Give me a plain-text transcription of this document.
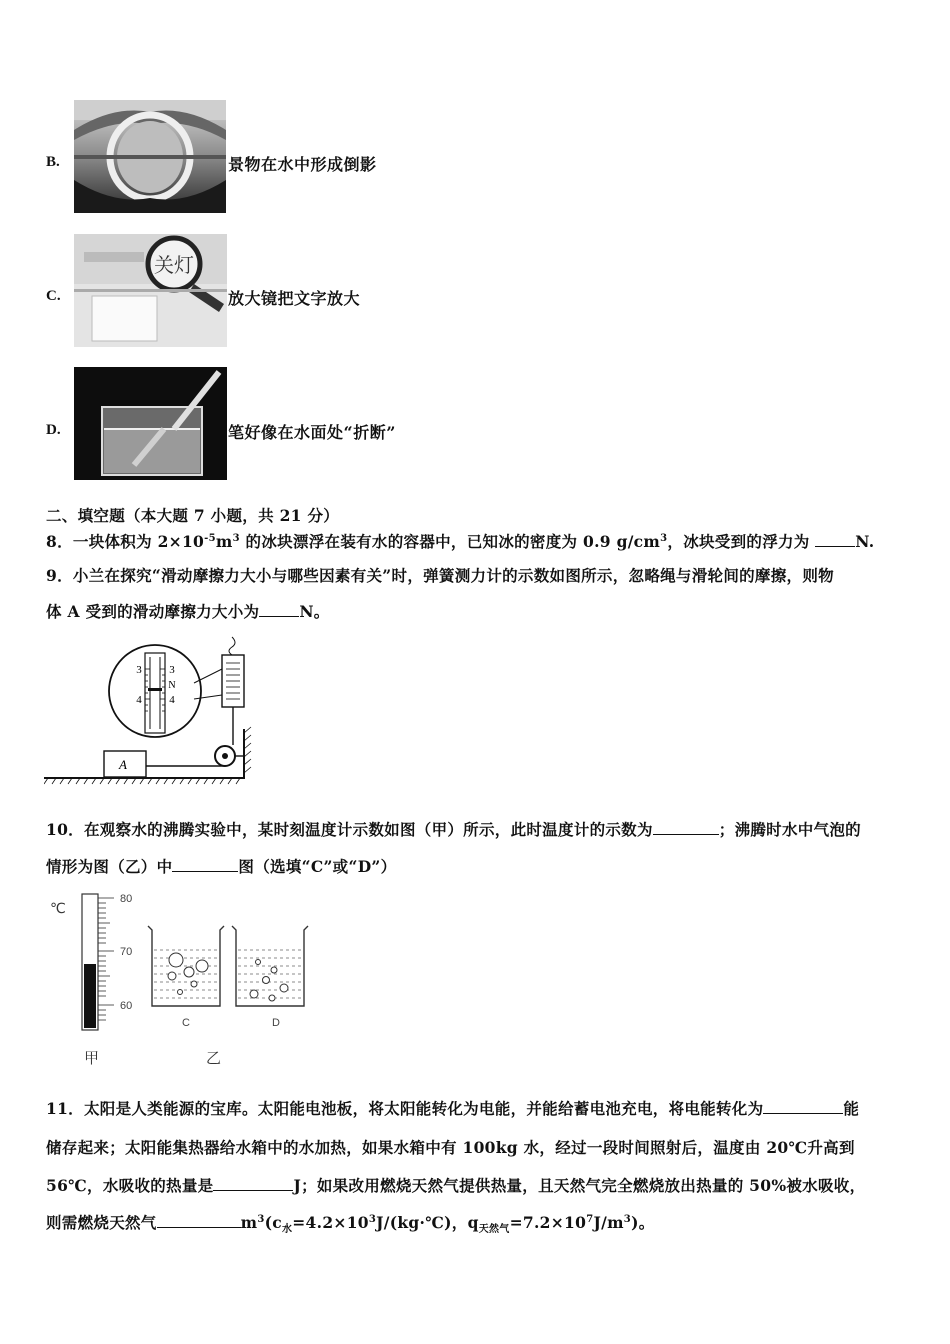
B.	景物在水中形成倒影
C.
关灯
放大镜把文字放大
D.	笔好像在水面处“折断”
二、填空题（本大题 7 小题，共 21 分）
8．一块体积为 $2\times 10^{-5}m^3$ 的冰块漂浮在装有水的容器中，已知冰的密度为 0.9 $g/cm^3$，冰块受到的浮力为	N.
9．小兰在探究“滑动摩擦力大小与哪些因素有关”时，弹簧测力计的示数如图所示，忽略绳与滑轮间的摩擦，则物
体 A 受到的滑动摩擦力大小为	N。
3
4
3
4
N
A
10．在观察水的沸腾实验中，某时刻温度计示数如图（甲）所示，此时温度计的示数为	；沸腾时水中气泡的
情形为图（乙）中	图（选填“C”或“D”）
℃
80
70
60
甲
C	D
乙
11．太阳是人类能源的宝库。太阳能电池板，将太阳能转化为电能，并能给蓄电池充电，将电能转化为	能
储存起来；太阳能集热器给水箱中的水加热，如果水箱中有 100kg 水，经过一段时间照射后，温度由 20℃升高到
56℃，水吸收的热量是	J；如果改用燃烧天然气提供热量，且天然气完全燃烧放出热量的 50%被水吸收，
则需燃烧天然气	$m^3(c_水=4.2\times 10^3J/(kg\cdot℃)$，$q_{天然气}=7.2\times 10^7J/m^3$)。
